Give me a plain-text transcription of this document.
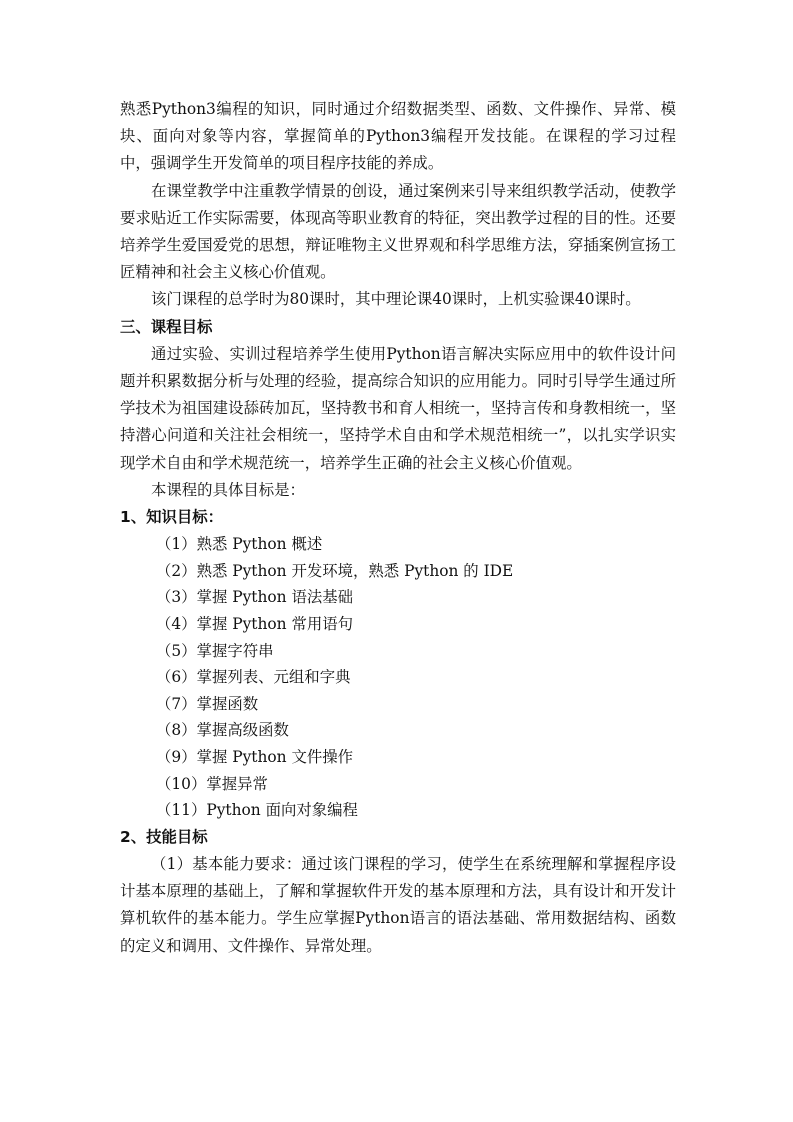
熟悉Python3编程的知识，同时通过介绍数据类型、函数、文件操作、异常、模块、面向对象等内容，掌握简单的Python3编程开发技能。在课程的学习过程中，强调学生开发简单的项目程序技能的养成。

在课堂教学中注重教学情景的创设，通过案例来引导来组织教学活动，使教学要求贴近工作实际需要，体现高等职业教育的特征，突出教学过程的目的性。还要培养学生爱国爱党的思想，辩证唯物主义世界观和科学思维方法，穿插案例宣扬工匠精神和社会主义核心价值观。

该门课程的总学时为80课时，其中理论课40课时，上机实验课40课时。

三、课程目标

通过实验、实训过程培养学生使用Python语言解决实际应用中的软件设计问题并积累数据分析与处理的经验，提高综合知识的应用能力。同时引导学生通过所学技术为祖国建设舔砖加瓦，坚持教书和育人相统一，坚持言传和身教相统一，坚持潜心问道和关注社会相统一，坚持学术自由和学术规范相统一”，以扎实学识实现学术自由和学术规范统一，培养学生正确的社会主义核心价值观。

本课程的具体目标是：

1、知识目标：
（1）熟悉 Python 概述
（2）熟悉 Python 开发环境，熟悉 Python 的 IDE
（3）掌握 Python 语法基础
（4）掌握 Python 常用语句
（5）掌握字符串
（6）掌握列表、元组和字典
（7）掌握函数
（8）掌握高级函数
（9）掌握 Python 文件操作
（10）掌握异常
（11）Python 面向对象编程
2、技能目标

（1）基本能力要求：通过该门课程的学习，使学生在系统理解和掌握程序设计基本原理的基础上，了解和掌握软件开发的基本原理和方法，具有设计和开发计算机软件的基本能力。学生应掌握Python语言的语法基础、常用数据结构、函数的定义和调用、文件操作、异常处理。
